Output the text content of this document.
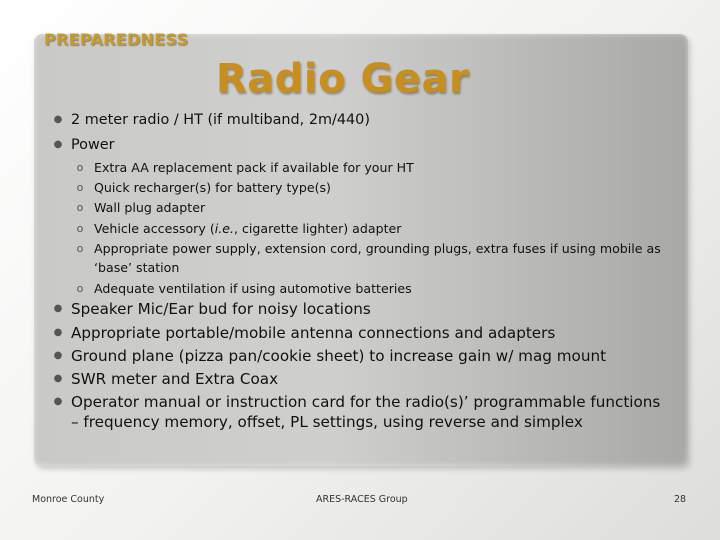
PREPAREDNESS
Radio Gear
● 2 meter radio / HT (if multiband, 2m/440)
● Power
o Extra AA replacement pack if available for your HT
o Quick recharger(s) for battery type(s)
o Wall plug adapter
o Vehicle accessory (i.e., cigarette lighter) adapter
o Appropriate power supply, extension cord, grounding plugs, extra fuses if using mobile as ‘base’ station
o Adequate ventilation if using automotive batteries
● Speaker Mic/Ear bud for noisy locations
● Appropriate portable/mobile antenna connections and adapters
● Ground plane (pizza pan/cookie sheet) to increase gain w/ mag mount
● SWR meter and Extra Coax
● Operator manual or instruction card for the radio(s)’ programmable functions – frequency memory, offset, PL settings, using reverse and simplex
Monroe County	ARES-RACES Group	28
